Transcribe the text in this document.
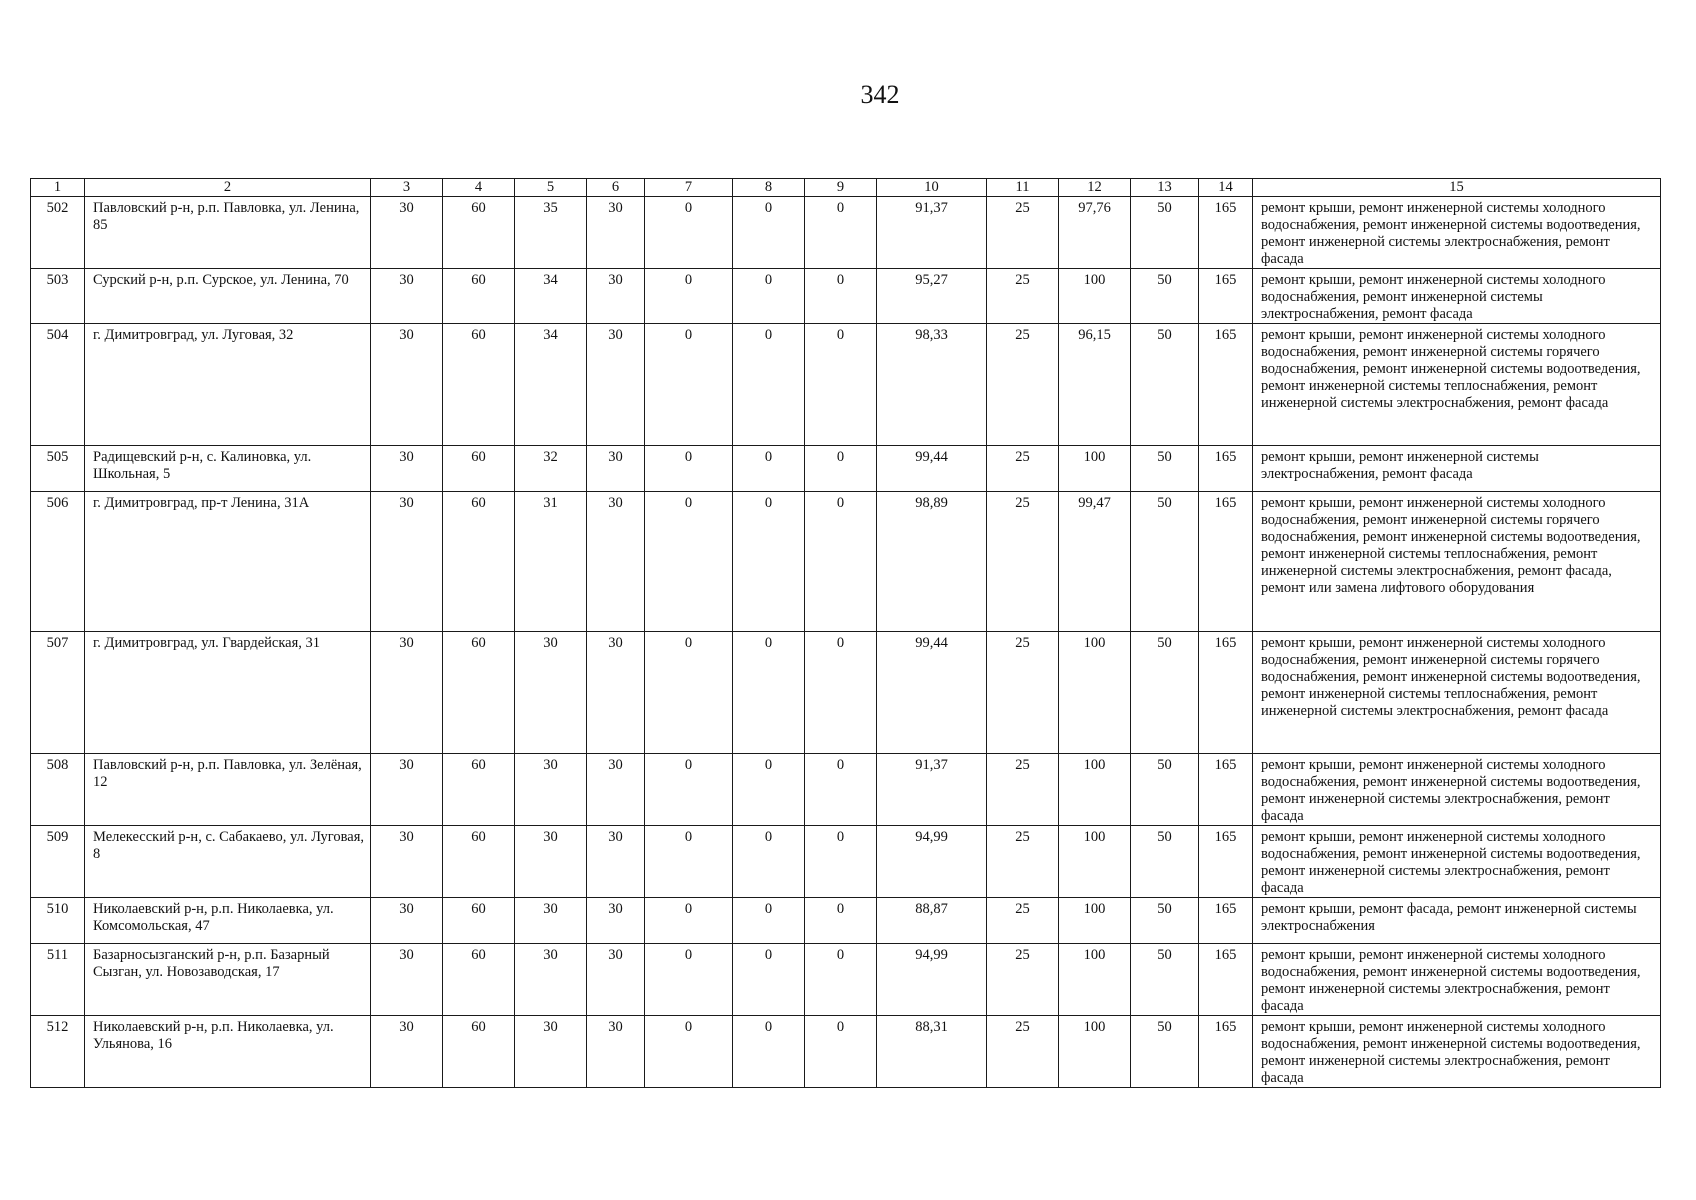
342
1	2	3	4	5	6	7	8	9	10	11	12	13	14	15
502	Павловский р-н, р.п. Павловка, ул. Ленина, 85	30	60	35	30	0	0	0	91,37	25	97,76	50	165	ремонт крыши, ремонт инженерной системы холодного водоснабжения, ремонт инженерной системы водоотведения, ремонт инженерной системы электроснабжения, ремонт фасада
503	Сурский р-н, р.п. Сурское, ул. Ленина, 70	30	60	34	30	0	0	0	95,27	25	100	50	165	ремонт крыши, ремонт инженерной системы холодного водоснабжения, ремонт инженерной системы электроснабжения, ремонт фасада
504	г. Димитровград, ул. Луговая, 32	30	60	34	30	0	0	0	98,33	25	96,15	50	165	ремонт крыши, ремонт инженерной системы холодного водоснабжения, ремонт инженерной системы горячего водоснабжения, ремонт инженерной системы водоотведения, ремонт инженерной системы теплоснабжения, ремонт инженерной системы электроснабжения, ремонт фасада
505	Радищевский р-н, с. Калиновка, ул. Школьная, 5	30	60	32	30	0	0	0	99,44	25	100	50	165	ремонт крыши, ремонт инженерной системы электроснабжения, ремонт фасада
506	г. Димитровград, пр-т Ленина, 31А	30	60	31	30	0	0	0	98,89	25	99,47	50	165	ремонт крыши, ремонт инженерной системы холодного водоснабжения, ремонт инженерной системы горячего водоснабжения, ремонт инженерной системы водоотведения, ремонт инженерной системы теплоснабжения, ремонт инженерной системы электроснабжения, ремонт фасада, ремонт или замена лифтового оборудования
507	г. Димитровград, ул. Гвардейская, 31	30	60	30	30	0	0	0	99,44	25	100	50	165	ремонт крыши, ремонт инженерной системы холодного водоснабжения, ремонт инженерной системы горячего водоснабжения, ремонт инженерной системы водоотведения, ремонт инженерной системы теплоснабжения, ремонт инженерной системы электроснабжения, ремонт фасада
508	Павловский р-н, р.п. Павловка, ул. Зелёная, 12	30	60	30	30	0	0	0	91,37	25	100	50	165	ремонт крыши, ремонт инженерной системы холодного водоснабжения, ремонт инженерной системы водоотведения, ремонт инженерной системы электроснабжения, ремонт фасада
509	Мелекесский р-н, с. Сабакаево, ул. Луговая, 8	30	60	30	30	0	0	0	94,99	25	100	50	165	ремонт крыши, ремонт инженерной системы холодного водоснабжения, ремонт инженерной системы водоотведения, ремонт инженерной системы электроснабжения, ремонт фасада
510	Николаевский р-н, р.п. Николаевка, ул. Комсомольская, 47	30	60	30	30	0	0	0	88,87	25	100	50	165	ремонт крыши, ремонт фасада, ремонт инженерной системы электроснабжения
511	Базарносызганский р-н, р.п. Базарный Сызган, ул. Новозаводская, 17	30	60	30	30	0	0	0	94,99	25	100	50	165	ремонт крыши, ремонт инженерной системы холодного водоснабжения, ремонт инженерной системы водоотведения, ремонт инженерной системы электроснабжения, ремонт фасада
512	Николаевский р-н, р.п. Николаевка, ул. Ульянова, 16	30	60	30	30	0	0	0	88,31	25	100	50	165	ремонт крыши, ремонт инженерной системы холодного водоснабжения, ремонт инженерной системы водоотведения, ремонт инженерной системы электроснабжения, ремонт фасада
